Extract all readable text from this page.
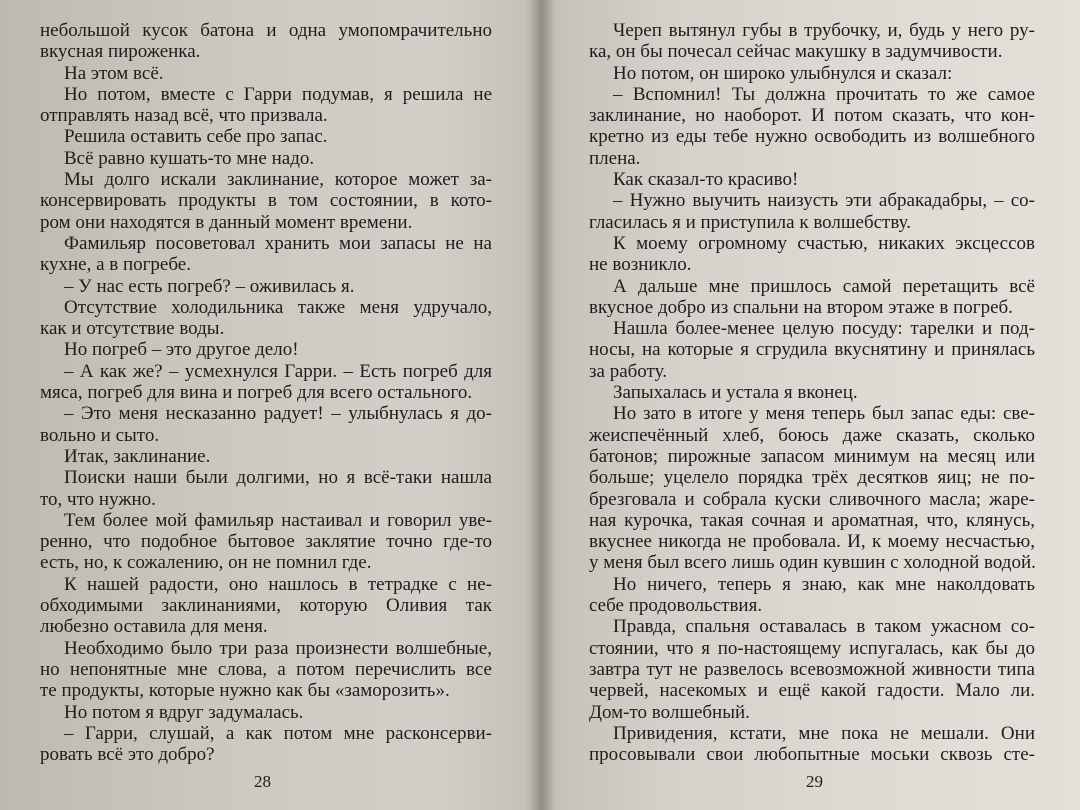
небольшой кусок батона и одна умопомрачительно
вкусная пироженка.
На этом всё.
Но потом, вместе с Гарри подумав, я решила не
отправлять назад всё, что призвала.
Решила оставить себе про запас.
Всё равно кушать-то мне надо.
Мы долго искали заклинание, которое может за-
консервировать продукты в том состоянии, в кото-
ром они находятся в данный момент времени.
Фамильяр посоветовал хранить мои запасы не на
кухне, а в погребе.
– У нас есть погреб? – оживилась я.
Отсутствие холодильника также меня удручало,
как и отсутствие воды.
Но погреб – это другое дело!
– А как же? – усмехнулся Гарри. – Есть погреб для
мяса, погреб для вина и погреб для всего остального.
– Это меня несказанно радует! – улыбнулась я до-
вольно и сыто.
Итак, заклинание.
Поиски наши были долгими, но я всё-таки нашла
то, что нужно.
Тем более мой фамильяр настаивал и говорил уве-
ренно, что подобное бытовое заклятие точно где-то
есть, но, к сожалению, он не помнил где.
К нашей радости, оно нашлось в тетрадке с не-
обходимыми заклинаниями, которую Оливия так
любезно оставила для меня.
Необходимо было три раза произнести волшебные,
но непонятные мне слова, а потом перечислить все
те продукты, которые нужно как бы «заморозить».
Но потом я вдруг задумалась.
– Гарри, слушай, а как потом мне расконсерви-
ровать всё это добро?
Череп вытянул губы в трубочку, и, будь у него ру-
ка, он бы почесал сейчас макушку в задумчивости.
Но потом, он широко улыбнулся и сказал:
– Вспомнил! Ты должна прочитать то же самое
заклинание, но наоборот. И потом сказать, что кон-
кретно из еды тебе нужно освободить из волшебного
плена.
Как сказал-то красиво!
– Нужно выучить наизусть эти абракадабры, – со-
гласилась я и приступила к волшебству.
К моему огромному счастью, никаких эксцессов
не возникло.
А дальше мне пришлось самой перетащить всё
вкусное добро из спальни на втором этаже в погреб.
Нашла более-менее целую посуду: тарелки и под-
носы, на которые я сгрудила вкуснятину и принялась
за работу.
Запыхалась и устала я вконец.
Но зато в итоге у меня теперь был запас еды: све-
жеиспечённый хлеб, боюсь даже сказать, сколько
батонов; пирожные запасом минимум на месяц или
больше; уцелело порядка трёх десятков яиц; не по-
брезговала и собрала куски сливочного масла; жаре-
ная курочка, такая сочная и ароматная, что, клянусь,
вкуснее никогда не пробовала. И, к моему несчастью,
у меня был всего лишь один кувшин с холодной водой.
Но ничего, теперь я знаю, как мне наколдовать
себе продовольствия.
Правда, спальня оставалась в таком ужасном со-
стоянии, что я по-настоящему испугалась, как бы до
завтра тут не развелось всевозможной живности типа
червей, насекомых и ещё какой гадости. Мало ли.
Дом-то волшебный.
Привидения, кстати, мне пока не мешали. Они
просовывали свои любопытные моськи сквозь сте-
28	29
